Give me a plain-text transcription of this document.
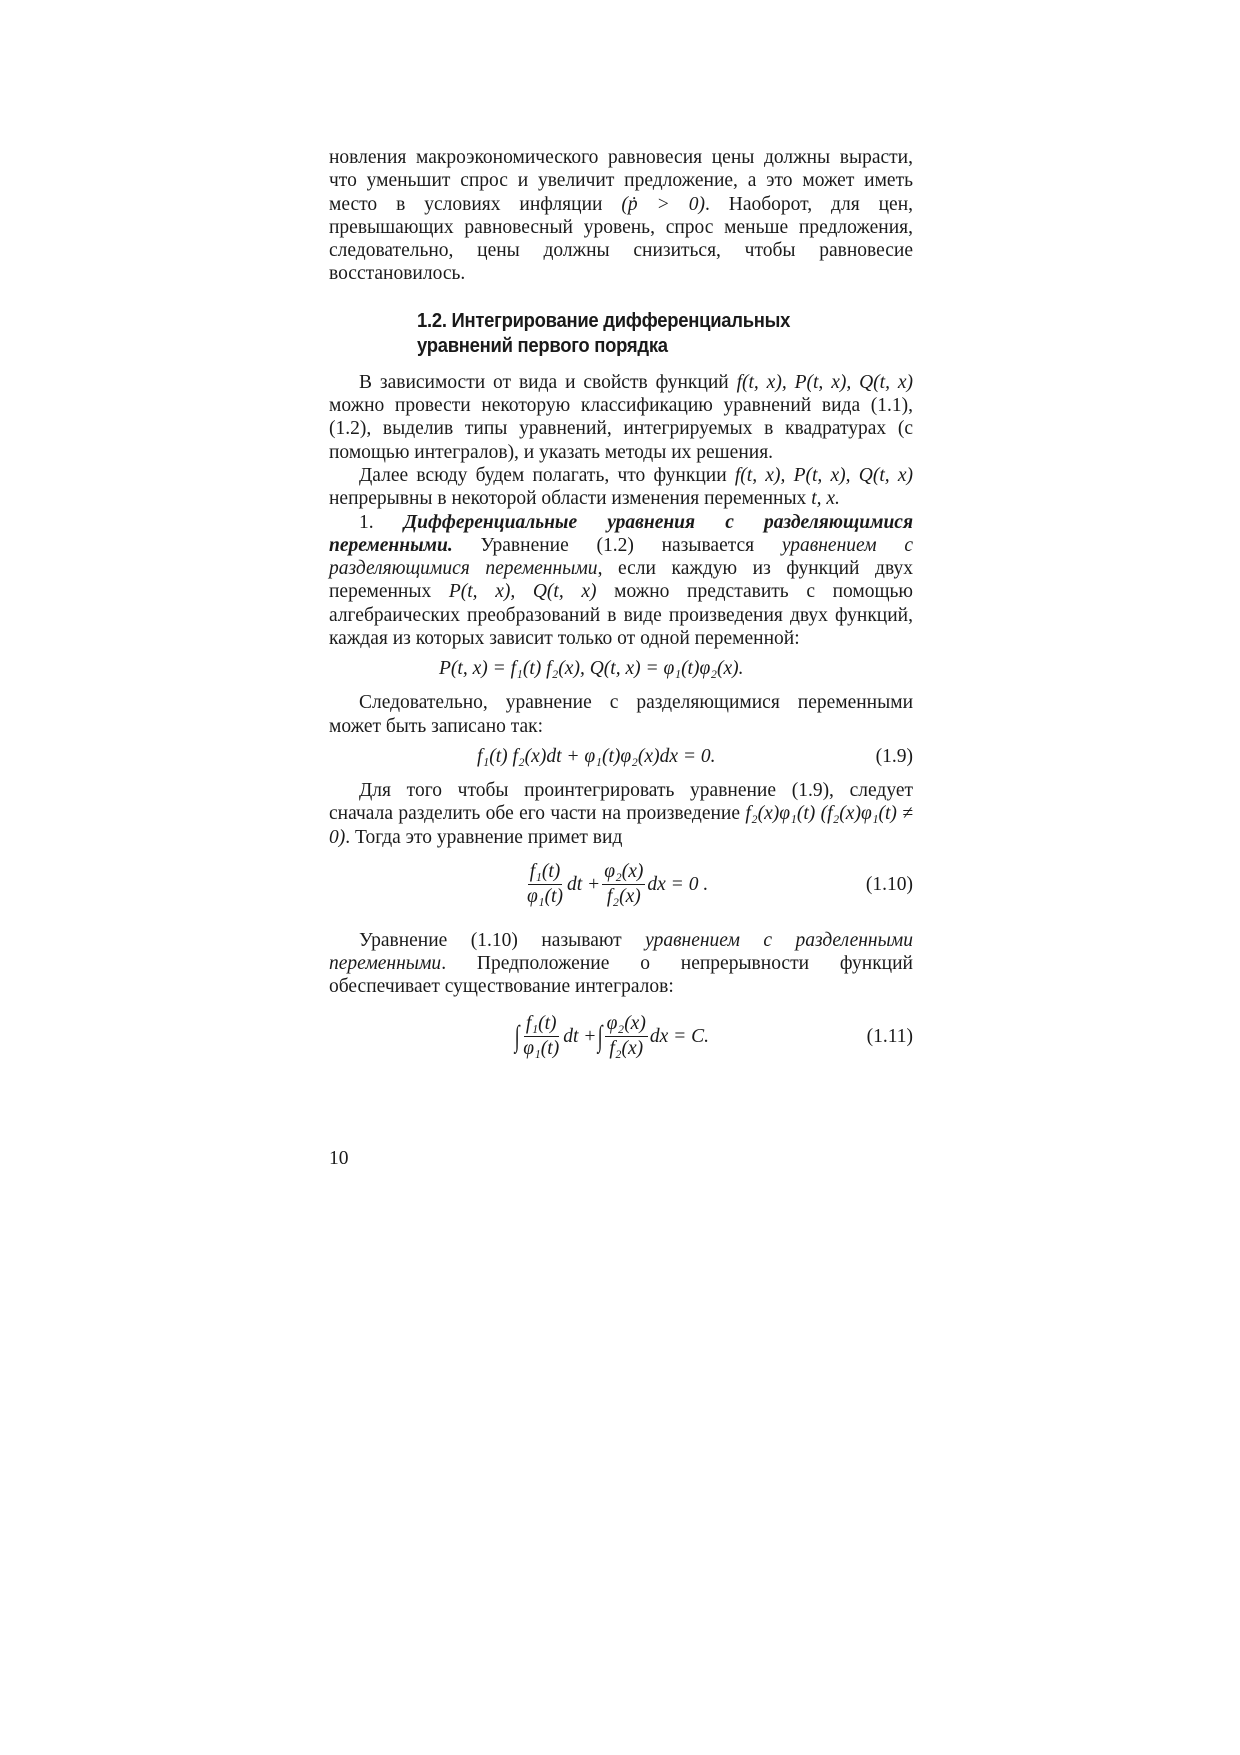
новления макроэкономического равновесия цены должны вырасти, что уменьшит спрос и увеличит предложение, а это может иметь место в условиях инфляции (ṗ > 0). Наоборот, для цен, превышающих равновесный уровень, спрос меньше предложения, следовательно, цены должны снизиться, чтобы равновесие восстановилось.

1.2. Интегрирование дифференциальных
уравнений первого порядка

В зависимости от вида и свойств функций f(t, x), P(t, x), Q(t, x) можно провести некоторую классификацию уравнений вида (1.1), (1.2), выделив типы уравнений, интегрируемых в квадратурах (с помощью интегралов), и указать методы их решения.

Далее всюду будем полагать, что функции f(t, x), P(t, x), Q(t, x) непрерывны в некоторой области изменения переменных t, x.

1. Дифференциальные уравнения с разделяющимися переменными. Уравнение (1.2) называется уравнением с разделяющимися переменными, если каждую из функций двух переменных P(t, x), Q(t, x) можно представить с помощью алгебраических преобразований в виде произведения двух функций, каждая из которых зависит только от одной переменной:

P(t, x) = f₁(t) f₂(x), Q(t, x) = φ₁(t)φ₂(x).

Следовательно, уравнение с разделяющимися переменными может быть записано так:

f₁(t) f₂(x)dt + φ₁(t)φ₂(x)dx = 0.	(1.9)

Для того чтобы проинтегрировать уравнение (1.9), следует сначала разделить обе его части на произведение f₂(x)φ₁(t) (f₂(x)φ₁(t) ≠ 0). Тогда это уравнение примет вид

$\frac{\text{f₁(t)}}{\text{φ₁(t)}}$ dt + $\frac{\text{φ₂(x)}}{\text{f₂(x)}}$ dx = 0 .	(1.10)

Уравнение (1.10) называют уравнением с разделенными переменными. Предположение о непрерывности функций обеспечивает существование интегралов:

∫ $\frac{\text{f₁(t)}}{\text{φ₁(t)}}$ dt + ∫ $\frac{\text{φ₂(x)}}{\text{f₂(x)}}$ dx = C.	(1.11)
10
